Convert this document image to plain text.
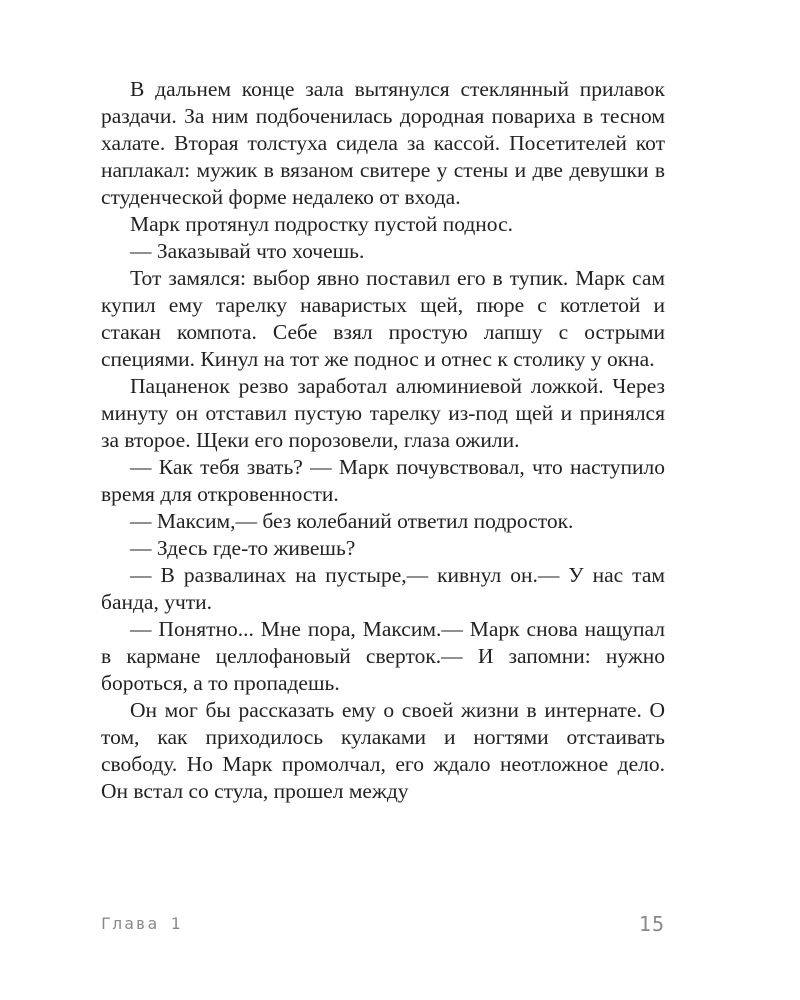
В дальнем конце зала вытянулся стеклянный прилавок раздачи. За ним подбоченилась дородная повариха в тесном халате. Вторая толстуха сидела за кассой. Посетителей кот наплакал: мужик в вязаном свитере у стены и две девушки в студенческой форме недалеко от входа.

Марк протянул подростку пустой поднос.

— Заказывай что хочешь.

Тот замялся: выбор явно поставил его в тупик. Марк сам купил ему тарелку наваристых щей, пюре с котлетой и стакан компота. Себе взял простую лапшу с острыми специями. Кинул на тот же поднос и отнес к столику у окна.

Пацаненок резво заработал алюминиевой ложкой. Через минуту он отставил пустую тарелку из-под щей и принялся за второе. Щеки его порозовели, глаза ожили.

— Как тебя звать? — Марк почувствовал, что наступило время для откровенности.

— Максим,— без колебаний ответил подросток.

— Здесь где-то живешь?

— В развалинах на пустыре,— кивнул он.— У нас там банда, учти.

— Понятно... Мне пора, Максим.— Марк снова нащупал в кармане целлофановый сверток.— И запомни: нужно бороться, а то пропадешь.

Он мог бы рассказать ему о своей жизни в интернате. О том, как приходилось кулаками и ногтями отстаивать свободу. Но Марк промолчал, его ждало неотложное дело. Он встал со стула, прошел между

Глава 1	15
